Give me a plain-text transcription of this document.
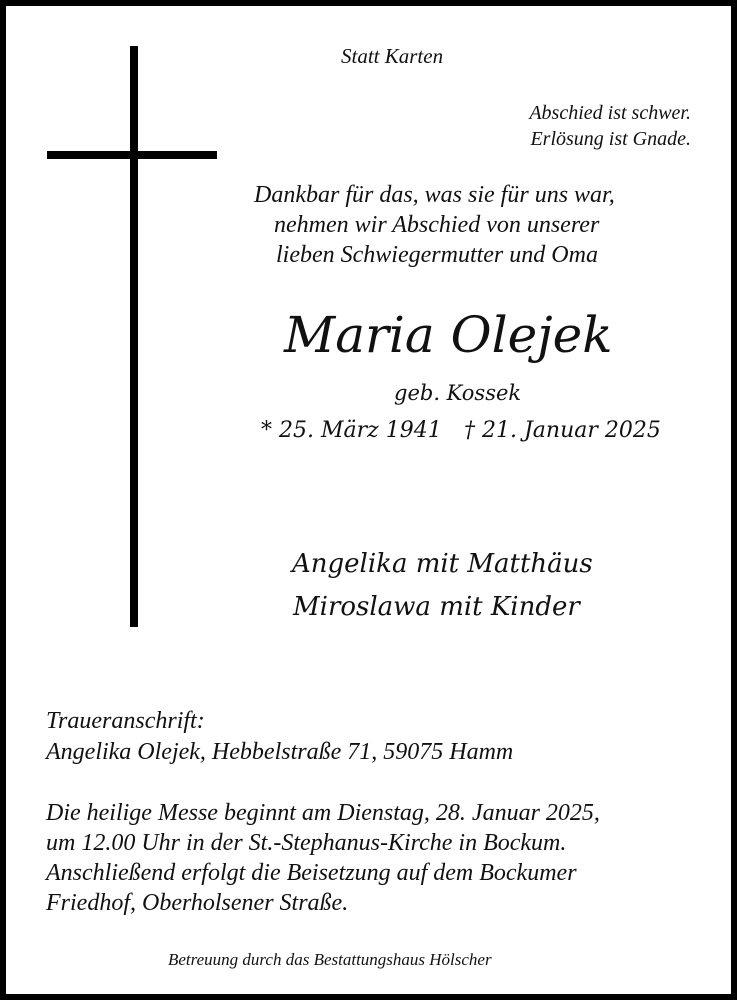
Statt Karten
Abschied ist schwer.
Erlösung ist Gnade.
Dankbar für das, was sie für uns war,
nehmen wir Abschied von unserer
lieben Schwiegermutter und Oma
Maria Olejek
geb. Kossek
* 25. März 1941 † 21. Januar 2025
Angelika mit Matthäus
Miroslawa mit Kinder
Traueranschrift:
Angelika Olejek, Hebbelstraße 71, 59075 Hamm
Die heilige Messe beginnt am Dienstag, 28. Januar 2025,
um 12.00 Uhr in der St.-Stephanus-Kirche in Bockum.
Anschließend erfolgt die Beisetzung auf dem Bockumer
Friedhof, Oberholsener Straße.
Betreuung durch das Bestattungshaus Hölscher
